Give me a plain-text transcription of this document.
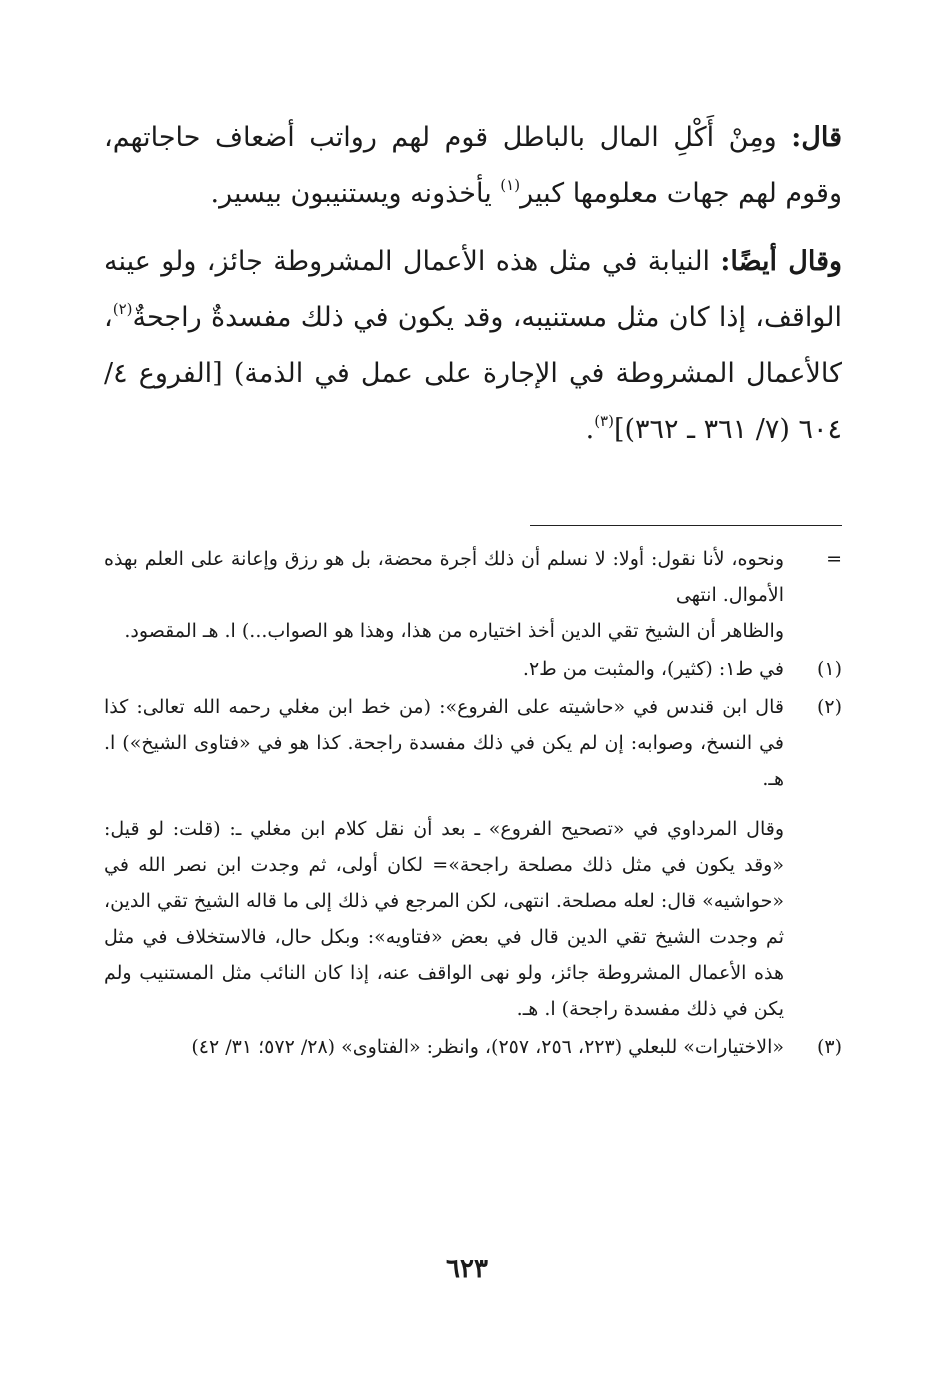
قال: ومِنْ أَكْلِ المال بالباطل قوم لهم رواتب أضعاف حاجاتهم، وقوم لهم جهات معلومها كبير$^{(١)}$ يأخذونه ويستنيبون بيسير.

وقال أيضًا: النيابة في مثل هذه الأعمال المشروطة جائز، ولو عينه الواقف، إذا كان مثل مستنيبه، وقد يكون في ذلك مفسدةٌ راجحةٌ$^{(٢)}$، كالأعمال المشروطة في الإجارة على عمل في الذمة) [الفروع ٤/ ٦٠٤ (٧/ ٣٦١ ـ ٣٦٢)]$^{(٣)}$.

=

ونحوه، لأنا نقول: أولا: لا نسلم أن ذلك أجرة محضة، بل هو رزق وإعانة على العلم بهذه الأموال. انتهى

والظاهر أن الشيخ تقي الدين أخذ اختياره من هذا، وهذا هو الصواب...) ا. هـ المقصود.

(١)

في ط١: (كثير)، والمثبت من ط٢.

(٢)

قال ابن قندس في «حاشيته على الفروع»: (من خط ابن مغلي رحمه الله تعالى: كذا في النسخ، وصوابه: إن لم يكن في ذلك مفسدة راجحة. كذا هو في «فتاوى الشيخ») ا. هـ.

وقال المرداوي في «تصحيح الفروع» ـ بعد أن نقل كلام ابن مغلي ـ: (قلت: لو قيل: «وقد يكون في مثل ذلك مصلحة راجحة»= لكان أولى، ثم وجدت ابن نصر الله في «حواشيه» قال: لعله مصلحة. انتهى، لكن المرجع في ذلك إلى ما قاله الشيخ تقي الدين، ثم وجدت الشيخ تقي الدين قال في بعض «فتاويه»: وبكل حال، فالاستخلاف في مثل هذه الأعمال المشروطة جائز، ولو نهى الواقف عنه، إذا كان النائب مثل المستنيب ولم يكن في ذلك مفسدة راجحة) ا. هـ.

(٣)

«الاختيارات» للبعلي (٢٢٣، ٢٥٦، ٢٥٧)، وانظر: «الفتاوى» (٢٨/ ٥٧٢؛ ٣١/ ٤٢)

٦٢٣
